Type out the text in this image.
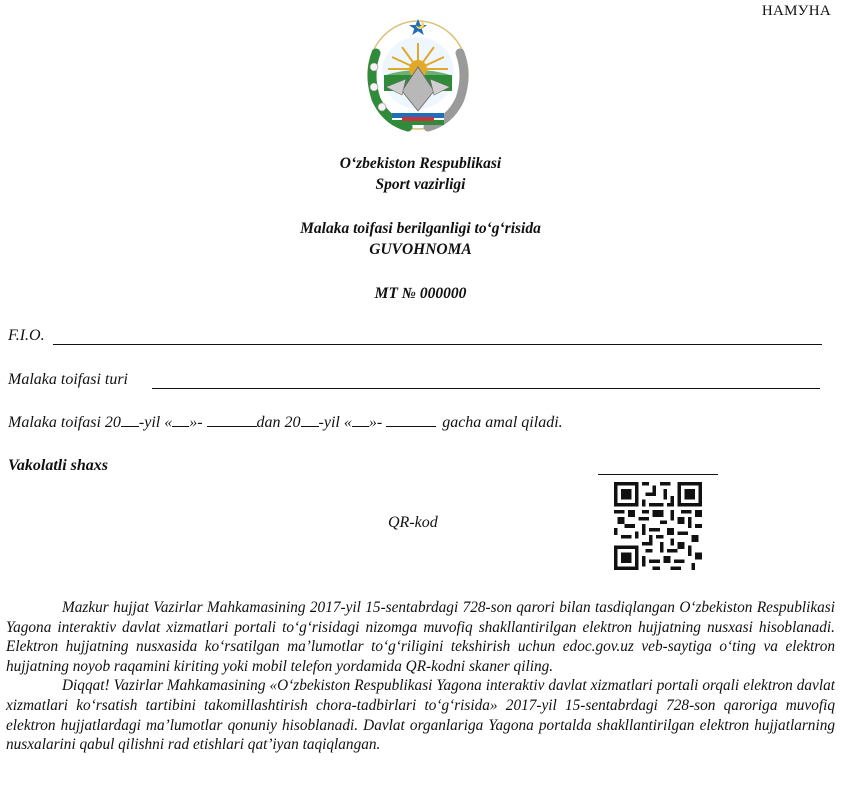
НАМУНА
O‘zbekiston Respublikasi
Sport vazirligi
Malaka toifasi berilganligi to‘g‘risida
GUVOHNOMA
MT № 000000
F.I.O.
Malaka toifasi turi
Malaka toifasi 20 -yil « »-	dan 20 -yil « »-	gacha amal qiladi.
Vakolatli shaxs
QR-kod

Mazkur hujjat Vazirlar Mahkamasining 2017-yil 15-sentabrdagi 728-son qarori bilan tasdiqlangan O‘zbekiston Respublikasi Yagona interaktiv davlat xizmatlari portali to‘g‘risidagi nizomga muvofiq shakllantirilgan elektron hujjatning nusxasi hisoblanadi. Elektron hujjatning nusxasida ko‘rsatilgan ma’lumotlar to‘g‘riligini tekshirish uchun edoc.gov.uz veb-saytiga o‘ting va elektron hujjatning noyob raqamini kiriting yoki mobil telefon yordamida QR-kodni skaner qiling.

Diqqat! Vazirlar Mahkamasining «O‘zbekiston Respublikasi Yagona interaktiv davlat xizmatlari portali orqali elektron davlat xizmatlari ko‘rsatish tartibini takomillashtirish chora-tadbirlari to‘g‘risida» 2017-yil 15-sentabrdagi 728-son qaroriga muvofiq elektron hujjatlardagi ma’lumotlar qonuniy hisoblanadi. Davlat organlariga Yagona portalda shakllantirilgan elektron hujjatlarning nusxalarini qabul qilishni rad etishlari qat’iyan taqiqlangan.
